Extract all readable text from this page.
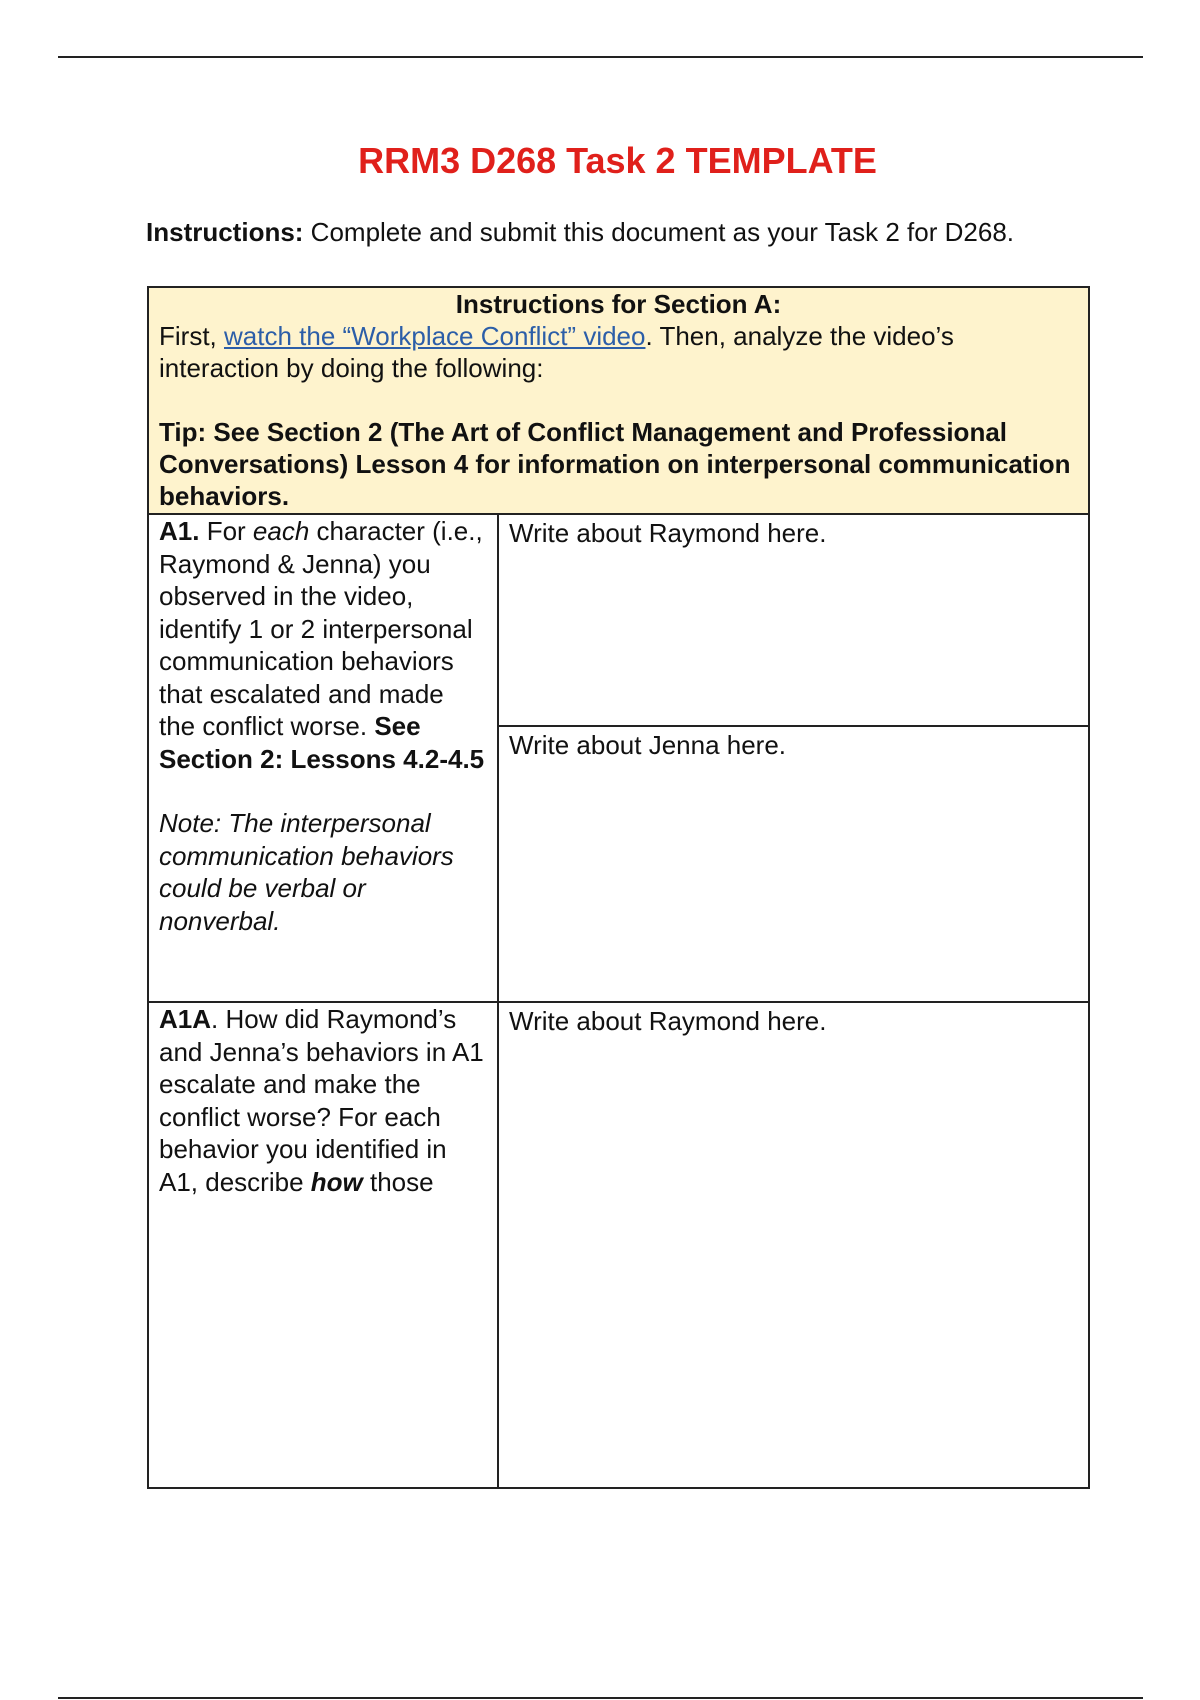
RRM3 D268 Task 2 TEMPLATE
Instructions: Complete and submit this document as your Task 2 for D268.

Instructions for Section A:

First, watch the “Workplace Conflict” video. Then, analyze the video’s interaction by doing the following:

Tip: See Section 2 (The Art of Conflict Management and Professional Conversations) Lesson 4 for information on interpersonal communication behaviors.	

A1. For each character (i.e., Raymond & Jenna) you observed in the video, identify 1 or 2 interpersonal communication behaviors that escalated and made the conflict worse. See Section 2: Lessons 4.2-4.5

Note: The interpersonal communication behaviors could be verbal or nonverbal.	Write about Raymond here.
	Write about Jenna here.

A1A. How did Raymond’s and Jenna’s behaviors in A1 escalate and make the conflict worse? For each behavior you identified in A1, describe how those	Write about Raymond here.
